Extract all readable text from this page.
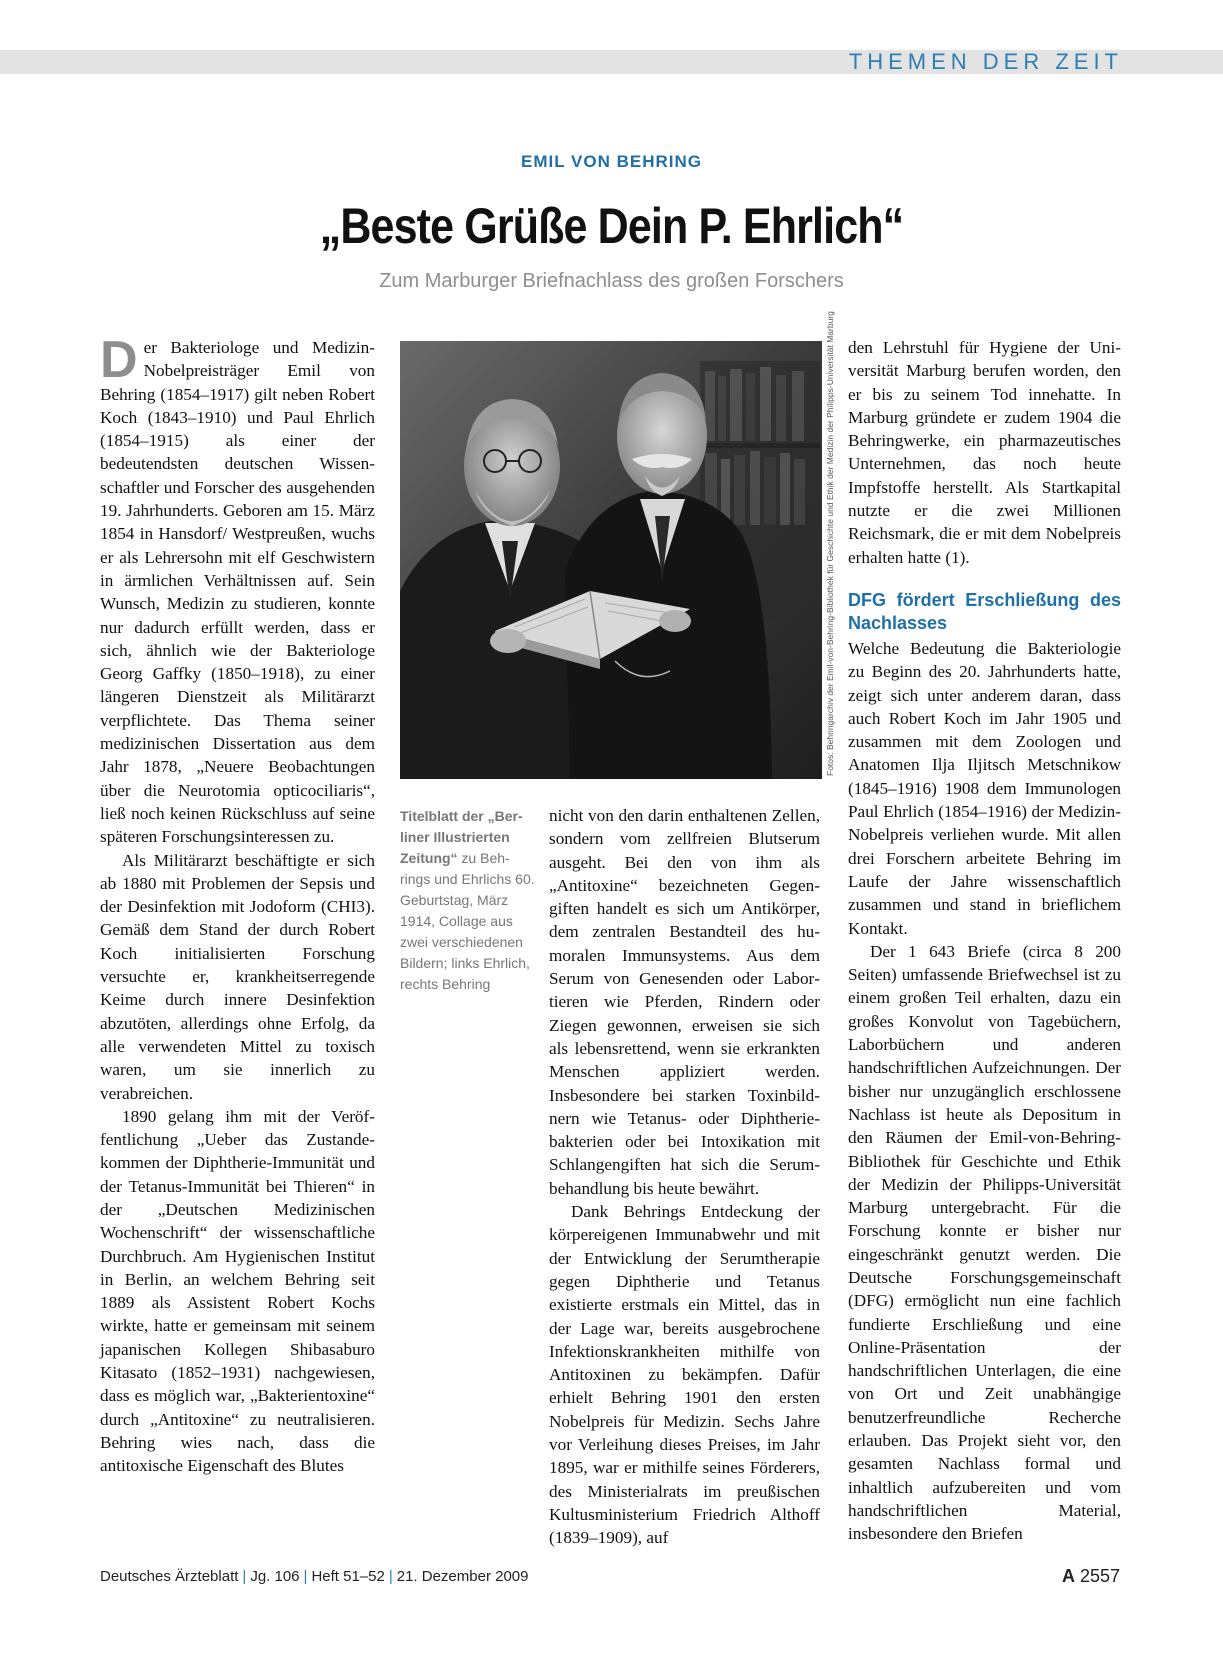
THEMEN DER ZEIT
EMIL VON BEHRING
„Beste Grüße Dein P. Ehrlich“
Zum Marburger Briefnachlass des großen Forschers

Der Bakteriologe und Medizin-Nobelpreisträger Emil von Behring (1854–1917) gilt neben Robert Koch (1843–1910) und Paul Ehrlich (1854–1915) als einer der bedeutendsten deutschen Wissenschaftler und Forscher des ausgehenden 19. Jahrhunderts. Geboren am 15. März 1854 in Hansdorf/ Westpreußen, wuchs er als Lehrersohn mit elf Geschwistern in ärmlichen Verhältnissen auf. Sein Wunsch, Medizin zu studieren, konnte nur dadurch erfüllt werden, dass er sich, ähnlich wie der Bakteriologe Georg Gaffky (1850–1918), zu einer längeren Dienstzeit als Militärarzt verpflichtete. Das Thema seiner medizinischen Dissertation aus dem Jahr 1878, „Neuere Beobachtungen über die Neurotomia opticociliaris“, ließ noch keinen Rückschluss auf seine späteren Forschungsinteressen zu.

Als Militärarzt beschäftigte er sich ab 1880 mit Problemen der Sepsis und der Desinfektion mit Jodoform (CHI3). Gemäß dem Stand der durch Robert Koch initialisierten Forschung versuchte er, krankheitserregende Keime durch innere Desinfektion abzutöten, allerdings ohne Erfolg, da alle verwendeten Mittel zu toxisch waren, um sie innerlich zu verabreichen.

1890 gelang ihm mit der Veröffentlichung „Ueber das Zustandekommen der Diphtherie-Immunität und der Tetanus-Immunität bei Thieren“ in der „Deutschen Medizinischen Wochenschrift“ der wissenschaftliche Durchbruch. Am Hygienischen Institut in Berlin, an welchem Behring seit 1889 als Assistent Robert Kochs wirkte, hatte er gemeinsam mit seinem japanischen Kollegen Shibasaburo Kitasato (1852–1931) nachgewiesen, dass es möglich war, „Bakterientoxine“ durch „Antitoxine“ zu neutralisieren. Behring wies nach, dass die antitoxische Eigenschaft des Blutes

Fotos: Behringarchiv der Emil-von-Behring-Bibliothek für Geschichte und Ethik der Medizin der Philipps-Universität Marburg
Titelblatt der „Berliner Illustrierten Zeitung“ zu Behrings und Ehrlichs 60. Geburtstag, März 1914, Collage aus zwei verschiedenen Bildern; links Ehrlich, rechts Behring

nicht von den darin enthaltenen Zellen, sondern vom zellfreien Blutserum ausgeht. Bei den von ihm als „Antitoxine“ bezeichneten Gegengiften handelt es sich um Antikörper, dem zentralen Bestandteil des humoralen Immunsystems. Aus dem Serum von Genesenden oder Labortieren wie Pferden, Rindern oder Ziegen gewonnen, erweisen sie sich als lebensrettend, wenn sie erkrankten Menschen appliziert werden. Insbesondere bei starken Toxinbildnern wie Tetanus- oder Diphtheriebakterien oder bei Intoxikation mit Schlangengiften hat sich die Serumbehandlung bis heute bewährt.

Dank Behrings Entdeckung der körpereigenen Immunabwehr und mit der Entwicklung der Serumtherapie gegen Diphtherie und Tetanus existierte erstmals ein Mittel, das in der Lage war, bereits ausgebrochene Infektionskrankheiten mithilfe von Antitoxinen zu bekämpfen. Dafür erhielt Behring 1901 den ersten Nobelpreis für Medizin. Sechs Jahre vor Verleihung dieses Preises, im Jahr 1895, war er mithilfe seines Förderers, des Ministerialrats im preußischen Kultusministerium Friedrich Althoff (1839–1909), auf

den Lehrstuhl für Hygiene der Universität Marburg berufen worden, den er bis zu seinem Tod innehatte. In Marburg gründete er zudem 1904 die Behringwerke, ein pharmazeutisches Unternehmen, das noch heute Impfstoffe herstellt. Als Startkapital nutzte er die zwei Millionen Reichsmark, die er mit dem Nobelpreis erhalten hatte (1).

DFG fördert Erschließung des Nachlasses

Welche Bedeutung die Bakteriologie zu Beginn des 20. Jahrhunderts hatte, zeigt sich unter anderem daran, dass auch Robert Koch im Jahr 1905 und zusammen mit dem Zoologen und Anatomen Ilja Iljitsch Metschnikow (1845–1916) 1908 dem Immunologen Paul Ehrlich (1854–1916) der Medizin-Nobelpreis verliehen wurde. Mit allen drei Forschern arbeitete Behring im Laufe der Jahre wissenschaftlich zusammen und stand in brieflichem Kontakt.

Der 1 643 Briefe (circa 8 200 Seiten) umfassende Briefwechsel ist zu einem großen Teil erhalten, dazu ein großes Konvolut von Tagebüchern, Laborbüchern und anderen handschriftlichen Aufzeichnungen. Der bisher nur unzugänglich erschlossene Nachlass ist heute als Depositum in den Räumen der Emil-von-Behring-Bibliothek für Geschichte und Ethik der Medizin der Philipps-Universität Marburg untergebracht. Für die Forschung konnte er bisher nur eingeschränkt genutzt werden. Die Deutsche Forschungsgemeinschaft (DFG) ermöglicht nun eine fachlich fundierte Erschließung und eine Online-Präsentation der handschriftlichen Unterlagen, die eine von Ort und Zeit unabhängige benutzerfreundliche Recherche erlauben. Das Projekt sieht vor, den gesamten Nachlass formal und inhaltlich aufzubereiten und vom handschriftlichen Material, insbesondere den Briefen

Deutsches Ärzteblatt | Jg. 106 | Heft 51–52 | 21. Dezember 2009	A 2557
